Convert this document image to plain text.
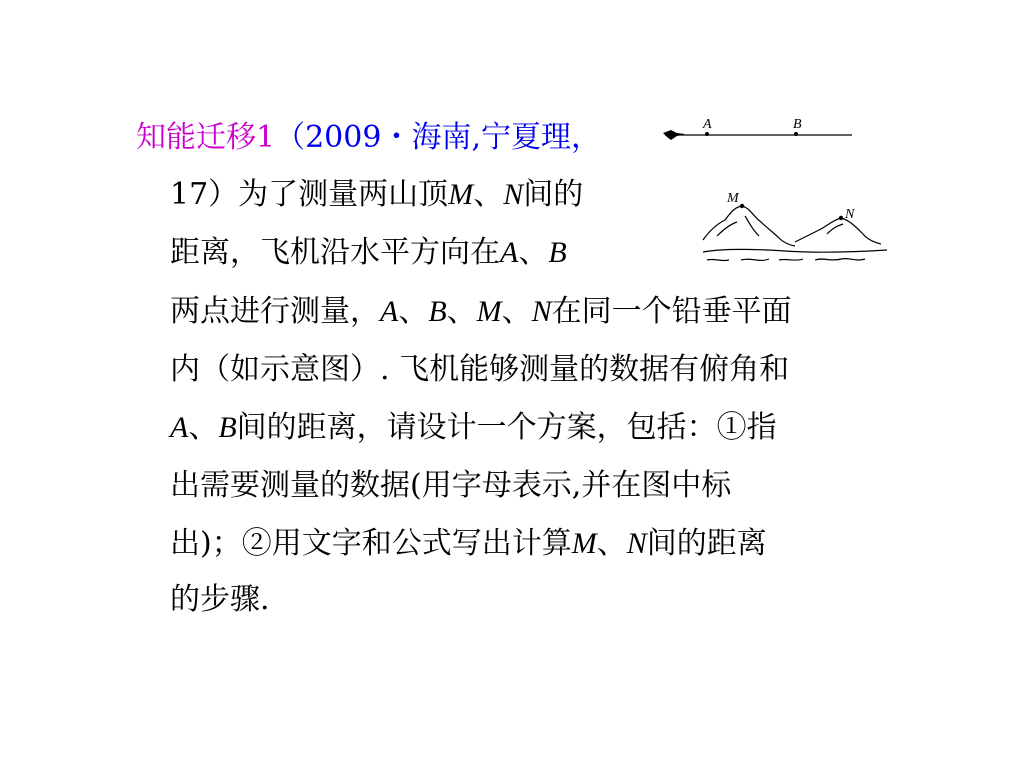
知能迁移1（2009・海南,宁夏理，
17）为了测量两山顶M、N间的
距离，飞机沿水平方向在A、B
两点进行测量，A、B、M、N在同一个铅垂平面
内（如示意图）. 飞机能够测量的数据有俯角和
A、B间的距离，请设计一个方案，包括：①指
出需要测量的数据(用字母表示,并在图中标
出)；②用文字和公式写出计算M、N间的距离
的步骤.
A	B
M
N
